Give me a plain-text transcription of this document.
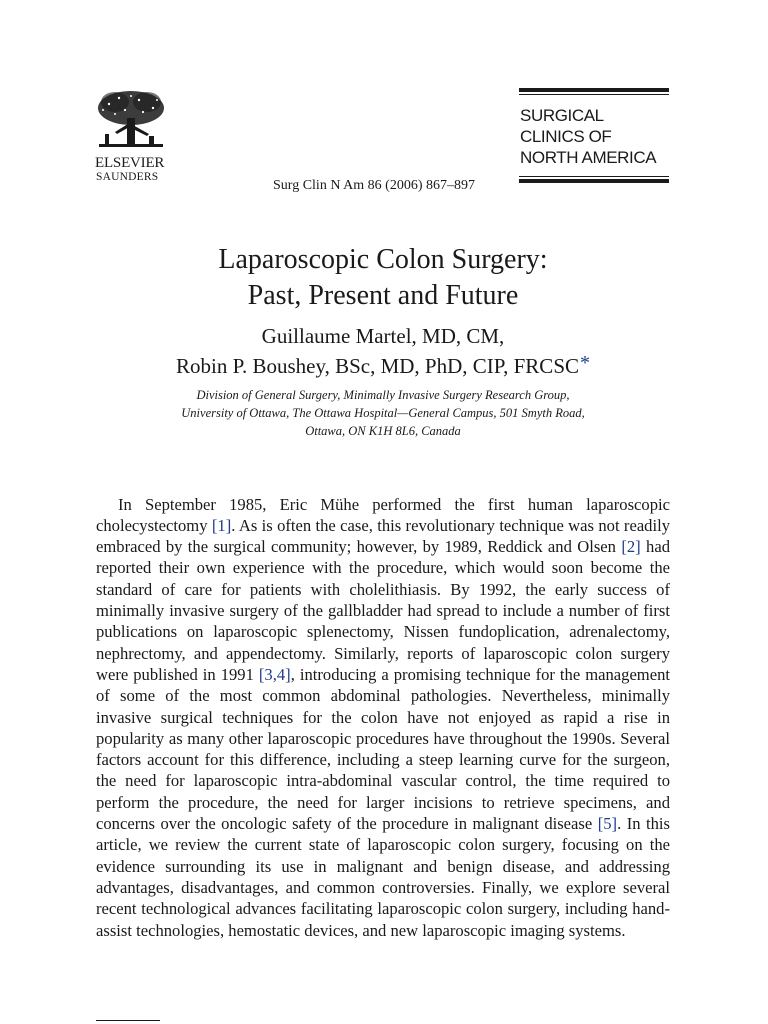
ELSEVIER
SAUNDERS
Surg Clin N Am 86 (2006) 867–897
SURGICAL
CLINICS OF
NORTH AMERICA
Laparoscopic Colon Surgery:
Past, Present and Future
Guillaume Martel, MD, CM,
Robin P. Boushey, BSc, MD, PhD, CIP, FRCSC*
Division of General Surgery, Minimally Invasive Surgery Research Group,
University of Ottawa, The Ottawa Hospital—General Campus, 501 Smyth Road,
Ottawa, ON K1H 8L6, Canada

In September 1985, Eric Mühe performed the first human laparoscopic cholecystectomy [1]. As is often the case, this revolutionary technique was not readily embraced by the surgical community; however, by 1989, Reddick and Olsen [2] had reported their own experience with the procedure, which would soon become the standard of care for patients with cholelithiasis. By 1992, the early success of minimally invasive surgery of the gallbladder had spread to include a number of first publications on laparoscopic splenectomy, Nissen fundoplication, adrenalectomy, nephrectomy, and appendectomy. Similarly, reports of laparoscopic colon surgery were published in 1991 [3,4], introducing a promising technique for the management of some of the most common abdominal pathologies. Nevertheless, minimally invasive surgical techniques for the colon have not enjoyed as rapid a rise in popularity as many other laparoscopic procedures have throughout the 1990s. Several factors account for this difference, including a steep learning curve for the surgeon, the need for laparoscopic intra-abdominal vascular control, the time required to perform the procedure, the need for larger incisions to retrieve specimens, and concerns over the oncologic safety of the procedure in malignant disease [5]. In this article, we review the current state of laparoscopic colon surgery, focusing on the evidence surrounding its use in malignant and benign disease, and addressing advantages, disadvantages, and common controversies. Finally, we explore several recent technological advances facilitating laparoscopic colon surgery, including hand-assist technologies, hemostatic devices, and new laparoscopic imaging systems.
